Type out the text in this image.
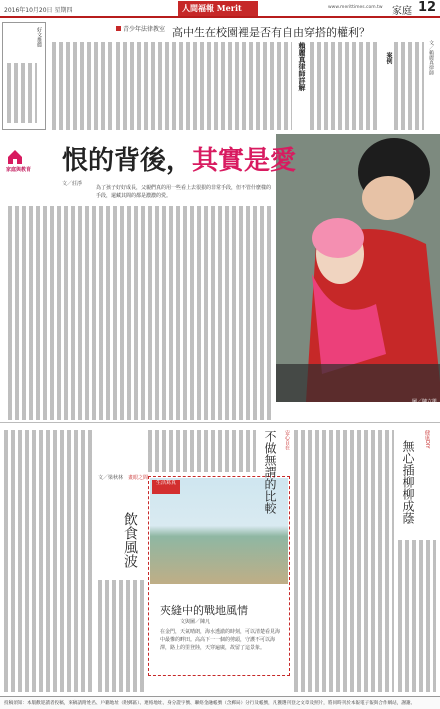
2016年10月20日 星期四	人間福報 Merit Times
www.merittimes.com.tw 家庭 12
好文推薦	青少年法律教室 高中生在校園裡是否有自由穿搭的權利？
賴麗真律師詳解	案例	文／賴麗真律師
家庭與教育 恨的背後，其實是愛
文／莊淨
為了孩子好好成長，父親們真的用一些看上去很狠的非常手段，但不管什麼樣的手段，還藏其間的都是濃濃的愛。
圖／陳立凱
文／梁秋林 畫眼之間
飲食風波
生活寫真
夾縫中的戰地風情
文與圖／陳凡
在金門，天氣晴朗，海水透澈的時刻，可以清楚看見海中最慘的畔田。高高下一一個的剪頭，守護不可以海澤，路上的里登陸，天穿遍廣，故留了這景象。
不做無謂的比較	安心自在	無心插柳柳成蔭
健康DIY
投稿須知：本版歡迎讀者投稿，來稿請附姓名、戶籍地址（附郵區）、連絡地址、身分證字號、聯絡金融帳號（含郵局）分行及帳號，凡獲選刊登之文章及照片，將同時刊於本報電子報與合作網站，謝謝。
